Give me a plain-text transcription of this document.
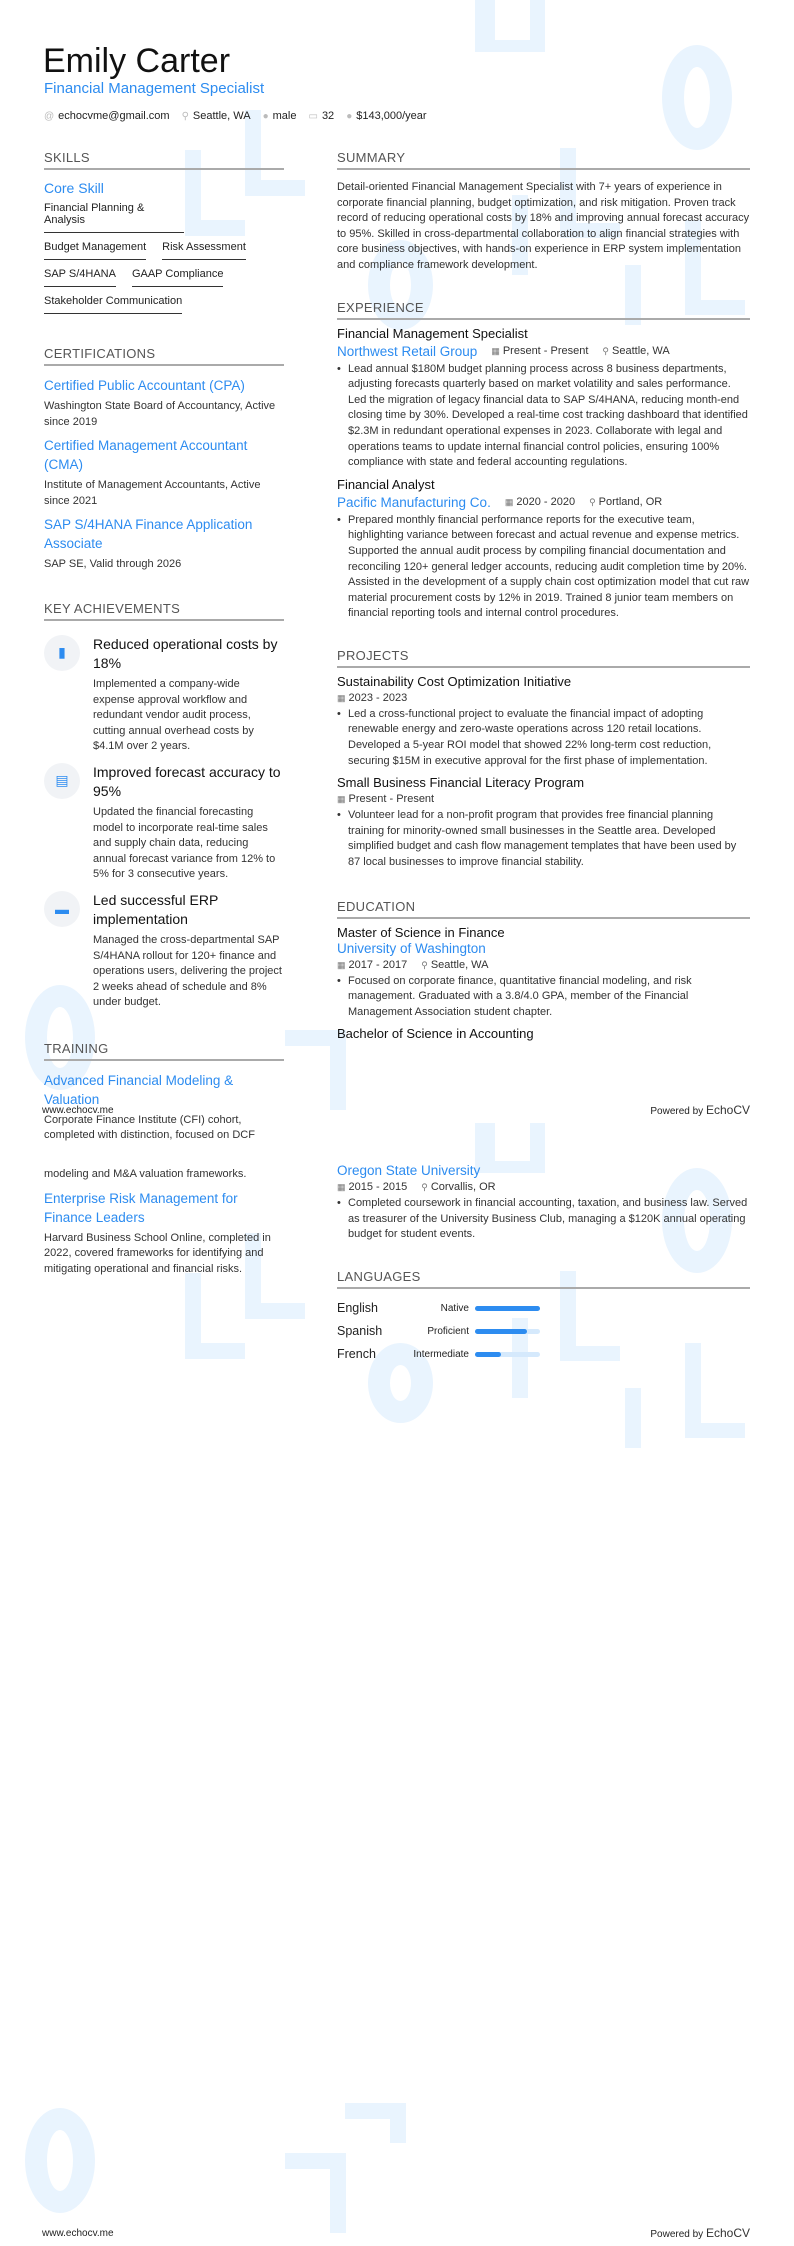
Emily Carter
Financial Management Specialist
@ echocvme@gmail.com ⚲ Seattle, WA ● male ▭ 32 ● $143,000/year
SKILLS
Core Skill
Financial Planning & Analysis
Budget Management Risk Assessment
SAP S/4HANA GAAP Compliance
Stakeholder Communication
CERTIFICATIONS
Certified Public Accountant (CPA)
Washington State Board of Accountancy, Active since 2019
Certified Management Accountant (CMA)
Institute of Management Accountants, Active since 2021
SAP S/4HANA Finance Application Associate
SAP SE, Valid through 2026
KEY ACHIEVEMENTS
▮
Reduced operational costs by 18%
Implemented a company-wide expense approval workflow and redundant vendor audit process, cutting annual overhead costs by $4.1M over 2 years.
▤
Improved forecast accuracy to 95%
Updated the financial forecasting model to incorporate real-time sales and supply chain data, reducing annual forecast variance from 12% to 5% for 3 consecutive years.
▬
Led successful ERP implementation
Managed the cross-departmental SAP S/4HANA rollout for 120+ finance and operations users, delivering the project 2 weeks ahead of schedule and 8% under budget.
TRAINING
Advanced Financial Modeling & Valuation
Corporate Finance Institute (CFI) cohort, completed with distinction, focused on DCF
SUMMARY
Detail-oriented Financial Management Specialist with 7+ years of experience in corporate financial planning, budget optimization, and risk mitigation. Proven track record of reducing operational costs by 18% and improving annual forecast accuracy to 95%. Skilled in cross-departmental collaboration to align financial strategies with core business objectives, with hands-on experience in ERP system implementation and compliance framework development.
EXPERIENCE
Financial Management Specialist
Northwest Retail Group ▦ Present - Present ⚲ Seattle, WA
• Lead annual $180M budget planning process across 8 business departments, adjusting forecasts quarterly based on market volatility and sales performance. Led the migration of legacy financial data to SAP S/4HANA, reducing month-end closing time by 30%. Developed a real-time cost tracking dashboard that identified $2.3M in redundant operational expenses in 2023. Collaborate with legal and operations teams to update internal financial control policies, ensuring 100% compliance with state and federal accounting regulations.
Financial Analyst
Pacific Manufacturing Co. ▦ 2020 - 2020 ⚲ Portland, OR
• Prepared monthly financial performance reports for the executive team, highlighting variance between forecast and actual revenue and expense metrics. Supported the annual audit process by compiling financial documentation and reconciling 120+ general ledger accounts, reducing audit completion time by 20%. Assisted in the development of a supply chain cost optimization model that cut raw material procurement costs by 12% in 2019. Trained 8 junior team members on financial reporting tools and internal control procedures.
PROJECTS
Sustainability Cost Optimization Initiative
▦ 2023 - 2023
• Led a cross-functional project to evaluate the financial impact of adopting renewable energy and zero-waste operations across 120 retail locations. Developed a 5-year ROI model that showed 22% long-term cost reduction, securing $15M in executive approval for the first phase of implementation.
Small Business Financial Literacy Program
▦ Present - Present
• Volunteer lead for a non-profit program that provides free financial planning training for minority-owned small businesses in the Seattle area. Developed simplified budget and cash flow management templates that have been used by 87 local businesses to improve financial stability.
EDUCATION
Master of Science in Finance
University of Washington
▦ 2017 - 2017 ⚲ Seattle, WA
• Focused on corporate finance, quantitative financial modeling, and risk management. Graduated with a 3.8/4.0 GPA, member of the Financial Management Association student chapter.
Bachelor of Science in Accounting
www.echocv.me	Powered by EchoCV
modeling and M&A valuation frameworks.
Enterprise Risk Management for Finance Leaders
Harvard Business School Online, completed in 2022, covered frameworks for identifying and mitigating operational and financial risks.
Oregon State University
▦ 2015 - 2015 ⚲ Corvallis, OR
• Completed coursework in financial accounting, taxation, and business law. Served as treasurer of the University Business Club, managing a $120K annual operating budget for student events.
LANGUAGES
English	Native
Spanish	Proficient
French	Intermediate
www.echocv.me	Powered by EchoCV
